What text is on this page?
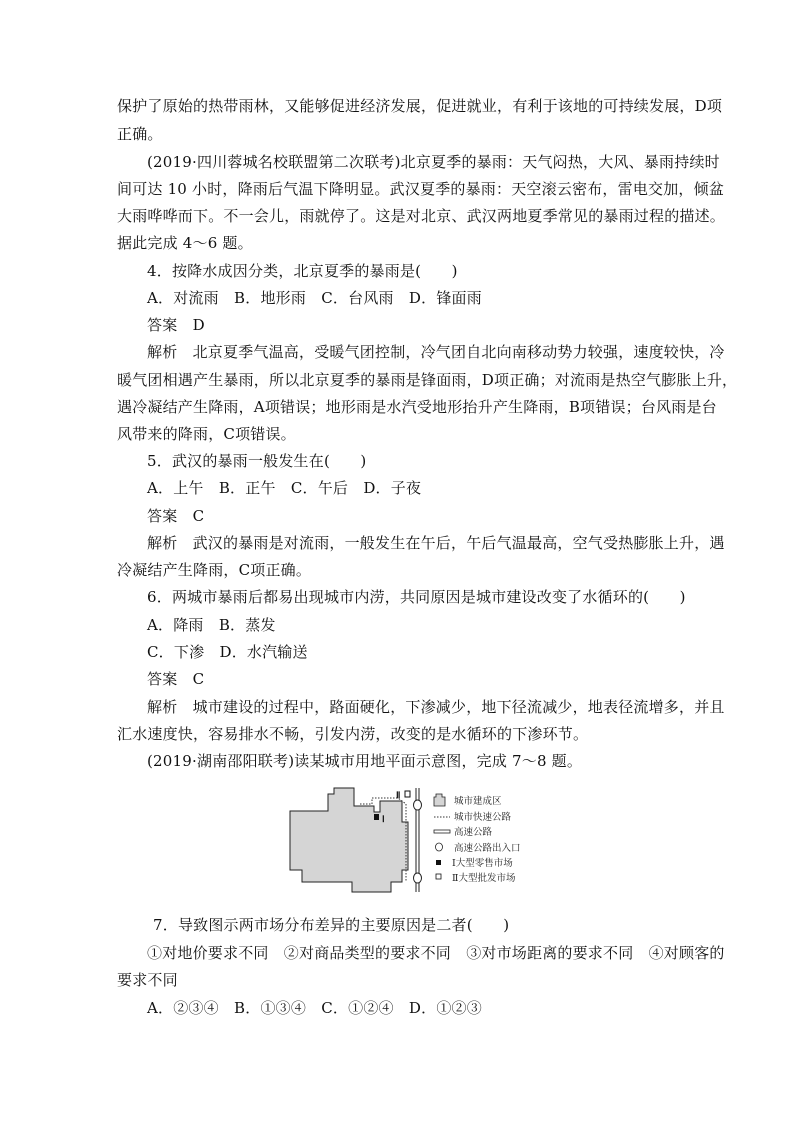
保护了原始的热带雨林，又能够促进经济发展，促进就业，有利于该地的可持续发展，D项
正确。
(2019·四川蓉城名校联盟第二次联考)北京夏季的暴雨：天气闷热，大风、暴雨持续时
间可达 10 小时，降雨后气温下降明显。武汉夏季的暴雨：天空滚云密布，雷电交加，倾盆
大雨哗哗而下。不一会儿，雨就停了。这是对北京、武汉两地夏季常见的暴雨过程的描述。
据此完成 4～6 题。
4．按降水成因分类，北京夏季的暴雨是(　　)
A．对流雨　B．地形雨　C．台风雨　D．锋面雨
答案　D
解析　北京夏季气温高，受暖气团控制，冷气团自北向南移动势力较强，速度较快，冷
暖气团相遇产生暴雨，所以北京夏季的暴雨是锋面雨，D项正确；对流雨是热空气膨胀上升，
遇冷凝结产生降雨，A项错误；地形雨是水汽受地形抬升产生降雨，B项错误；台风雨是台
风带来的降雨，C项错误。
5．武汉的暴雨一般发生在(　　)
A．上午　B．正午　C．午后　D．子夜
答案　C
解析　武汉的暴雨是对流雨，一般发生在午后，午后气温最高，空气受热膨胀上升，遇
冷凝结产生降雨，C项正确。
6．两城市暴雨后都易出现城市内涝，共同原因是城市建设改变了水循环的(　　)
A．降雨　B．蒸发
C．下渗　D．水汽输送
答案　C
解析　城市建设的过程中，路面硬化，下渗减少，地下径流减少，地表径流增多，并且
汇水速度快，容易排水不畅，引发内涝，改变的是水循环的下渗环节。
(2019·湖南邵阳联考)读某城市用地平面示意图，完成 7～8 题。
7．导致图示两市场分布差异的主要原因是二者(　　)
①对地价要求不同　②对商品类型的要求不同　③对市场距离的要求不同　④对顾客的
要求不同
A．②③④　B．①③④　C．①②④　D．①②③
Ⅰ
Ⅱ
城市建成区
城市快速公路
高速公路
高速公路出入口
Ⅰ大型零售市场
Ⅱ大型批发市场
